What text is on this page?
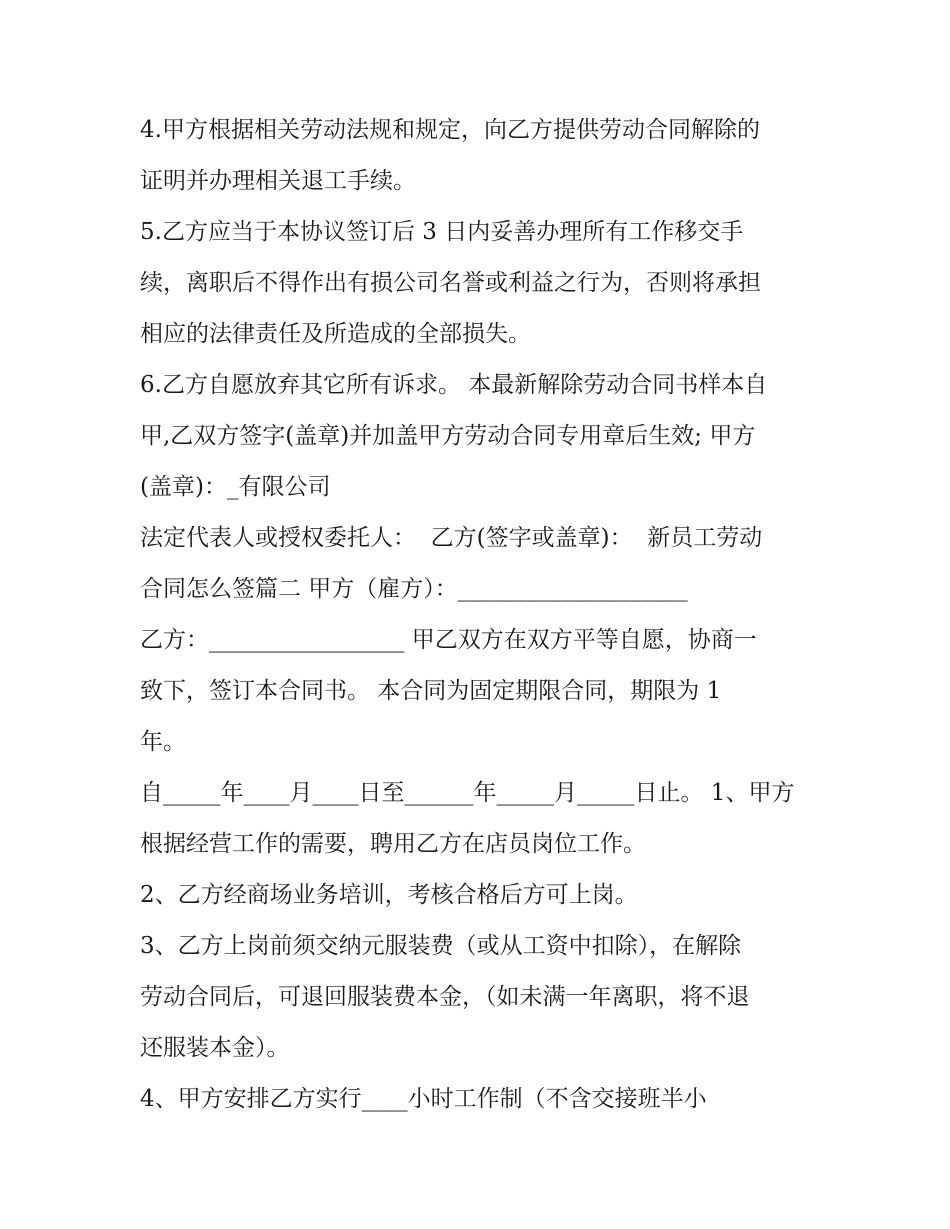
4.甲方根据相关劳动法规和规定，向乙方提供劳动合同解除的
证明并办理相关退工手续。
5.乙方应当于本协议签订后 3 日内妥善办理所有工作移交手
续，离职后不得作出有损公司名誉或利益之行为，否则将承担
相应的法律责任及所造成的全部损失。
6.乙方自愿放弃其它所有诉求。 本最新解除劳动合同书样本自
甲,乙双方签字(盖章)并加盖甲方劳动合同专用章后生效; 甲方
(盖章)：_有限公司
法定代表人或授权委托人：  乙方(签字或盖章)：  新员工劳动
合同怎么签篇二 甲方（雇方）：____________________
乙方：_________________ 甲乙双方在双方平等自愿，协商一
致下，签订本合同书。 本合同为固定期限合同，期限为 1
年。
自_____年____月____日至______年_____月_____日止。 1、甲方
根据经营工作的需要，聘用乙方在店员岗位工作。
2、乙方经商场业务培训，考核合格后方可上岗。
3、乙方上岗前须交纳元服装费（或从工资中扣除），在解除
劳动合同后，可退回服装费本金，（如未满一年离职，将不退
还服装本金）。
4、甲方安排乙方实行____小时工作制（不含交接班半小
